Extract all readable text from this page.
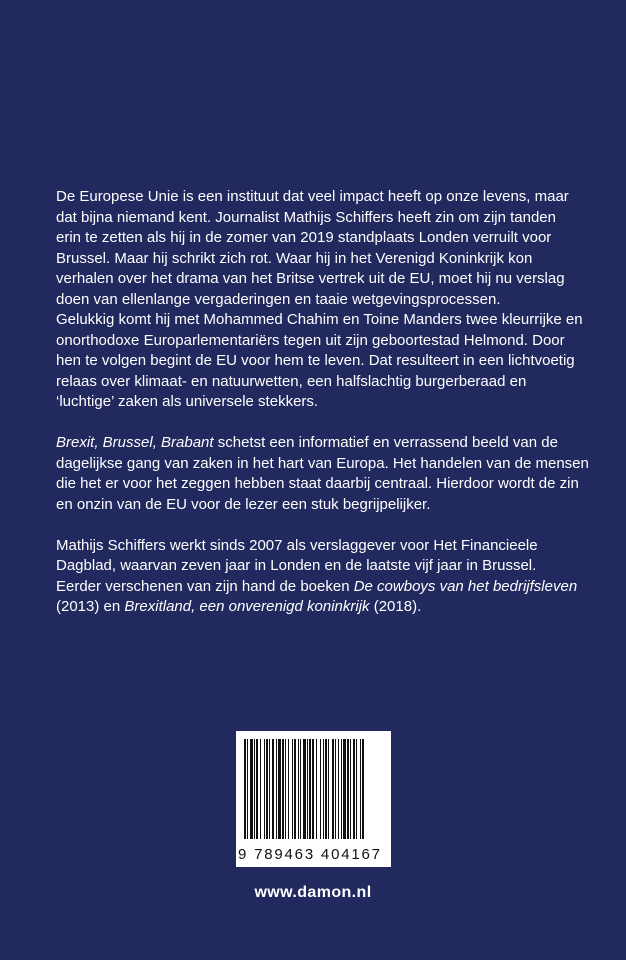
De Europese Unie is een instituut dat veel impact heeft op onze levens, maar
dat bijna niemand kent. Journalist Mathijs Schiffers heeft zin om zijn tanden
erin te zetten als hij in de zomer van 2019 standplaats Londen verruilt voor
Brussel. Maar hij schrikt zich rot. Waar hij in het Verenigd Koninkrijk kon
verhalen over het drama van het Britse vertrek uit de EU, moet hij nu verslag
doen van ellenlange vergaderingen en taaie wetgevingsprocessen.
Gelukkig komt hij met Mohammed Chahim en Toine Manders twee kleurrijke en
onorthodoxe Europarlementariërs tegen uit zijn geboortestad Helmond. Door
hen te volgen begint de EU voor hem te leven. Dat resulteert in een lichtvoetig
relaas over klimaat- en natuurwetten, een halfslachtig burgerberaad en
‘luchtige’ zaken als universele stekkers.

Brexit, Brussel, Brabant schetst een informatief en verrassend beeld van de
dagelijkse gang van zaken in het hart van Europa. Het handelen van de mensen
die het er voor het zeggen hebben staat daarbij centraal. Hierdoor wordt de zin
en onzin van de EU voor de lezer een stuk begrijpelijker.

Mathijs Schiffers werkt sinds 2007 als verslaggever voor Het Financieele
Dagblad, waarvan zeven jaar in Londen en de laatste vijf jaar in Brussel.
Eerder verschenen van zijn hand de boeken De cowboys van het bedrijfsleven
(2013) en Brexitland, een onverenigd koninkrijk (2018).

9 789463 404167
www.damon.nl
